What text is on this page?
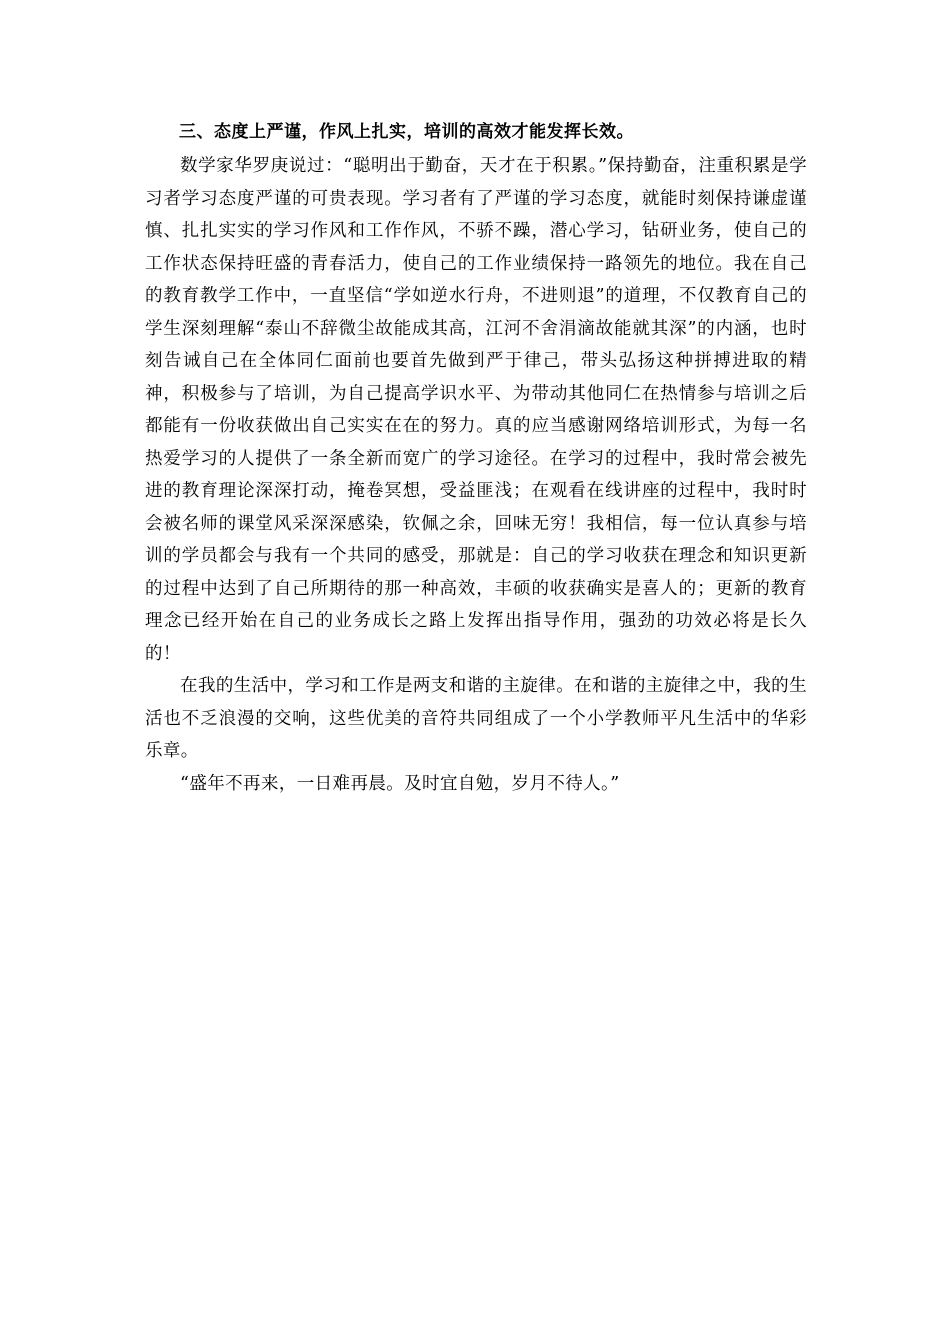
三、态度上严谨，作风上扎实，培训的高效才能发挥长效。

数学家华罗庚说过：“聪明出于勤奋，天才在于积累。”保持勤奋，注重积累是学习者学习态度严谨的可贵表现。学习者有了严谨的学习态度，就能时刻保持谦虚谨慎、扎扎实实的学习作风和工作作风，不骄不躁，潜心学习，钻研业务，使自己的工作状态保持旺盛的青春活力，使自己的工作业绩保持一路领先的地位。我在自己的教育教学工作中，一直坚信“学如逆水行舟，不进则退”的道理，不仅教育自己的学生深刻理解“泰山不辞微尘故能成其高，江河不舍涓滴故能就其深”的内涵，也时刻告诫自己在全体同仁面前也要首先做到严于律己，带头弘扬这种拼搏进取的精神，积极参与了培训，为自己提高学识水平、为带动其他同仁在热情参与培训之后都能有一份收获做出自己实实在在的努力。真的应当感谢网络培训形式，为每一名热爱学习的人提供了一条全新而宽广的学习途径。在学习的过程中，我时常会被先进的教育理论深深打动，掩卷冥想，受益匪浅；在观看在线讲座的过程中，我时时会被名师的课堂风采深深感染，钦佩之余，回味无穷！我相信，每一位认真参与培训的学员都会与我有一个共同的感受，那就是：自己的学习收获在理念和知识更新的过程中达到了自己所期待的那一种高效，丰硕的收获确实是喜人的；更新的教育理念已经开始在自己的业务成长之路上发挥出指导作用，强劲的功效必将是长久的！

在我的生活中，学习和工作是两支和谐的主旋律。在和谐的主旋律之中，我的生活也不乏浪漫的交响，这些优美的音符共同组成了一个小学教师平凡生活中的华彩乐章。

“盛年不再来，一日难再晨。及时宜自勉，岁月不待人。”
